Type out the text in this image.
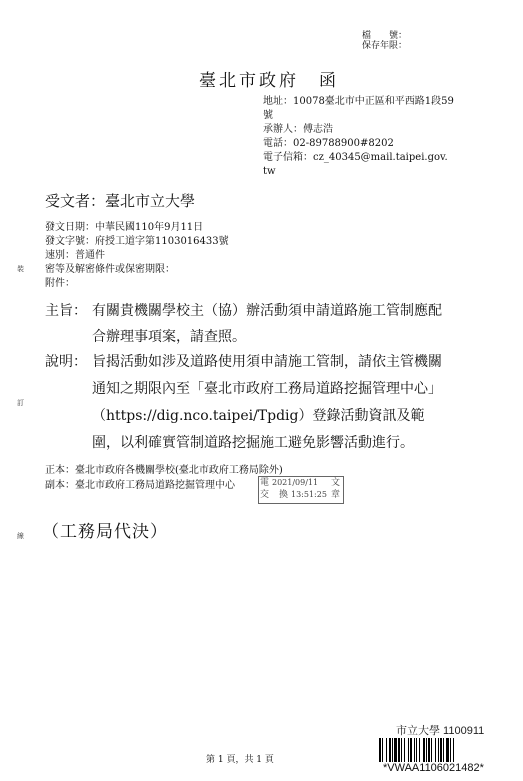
裝
訂
線
檔　　號：
保存年限：
臺北市政府　函
地址：10078臺北市中正區和平西路1段59
號
承辦人：傅志浩
電話：02-89788900#8202
電子信箱：cz_40345@mail.taipei.gov.
tw
受文者：臺北市立大學
發文日期：中華民國110年9月11日
發文字號：府授工道字第1103016433號
速別：普通件
密等及解密條件或保密期限：
附件：
主旨： 有關貴機關學校主（協）辦活動須申請道路施工管制應配
合辦理事項案，請查照。
說明： 旨揭活動如涉及道路使用須申請施工管制，請依主管機關
通知之期限內至「臺北市政府工務局道路挖掘管理中心」
（https://dig.nco.taipei/Tpdig）登錄活動資訊及範
圍，以利確實管制道路挖掘施工避免影響活動進行。
正本：臺北市政府各機關學校(臺北市政府工務局除外)
副本：臺北市政府工務局道路挖掘管理中心	電
交
2021/09/11
13:51:25
換
文
章
（工務局代決）
第 1 頁，共 1 頁
市立大學 1100911
*VWAA1106021482*
